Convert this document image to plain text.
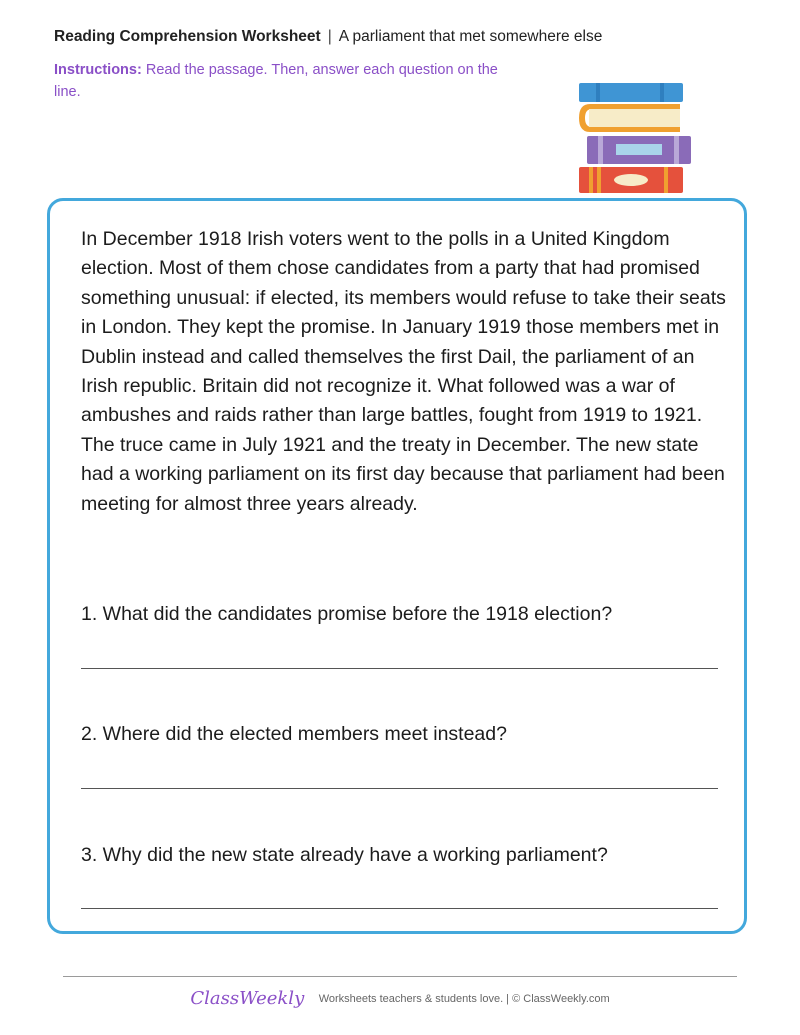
Reading Comprehension Worksheet | A parliament that met somewhere else
Instructions: Read the passage. Then, answer each question on the line.
In December 1918 Irish voters went to the polls in a United Kingdom election. Most of them chose candidates from a party that had promised something unusual: if elected, its members would refuse to take their seats in London. They kept the promise. In January 1919 those members met in Dublin instead and called themselves the first Dail, the parliament of an Irish republic. Britain did not recognize it. What followed was a war of ambushes and raids rather than large battles, fought from 1919 to 1921. The truce came in July 1921 and the treaty in December. The new state had a working parliament on its first day because that parliament had been meeting for almost three years already.
1. What did the candidates promise before the 1918 election?
2. Where did the elected members meet instead?
3. Why did the new state already have a working parliament?
ClassWeekly Worksheets teachers & students love. | © ClassWeekly.com
